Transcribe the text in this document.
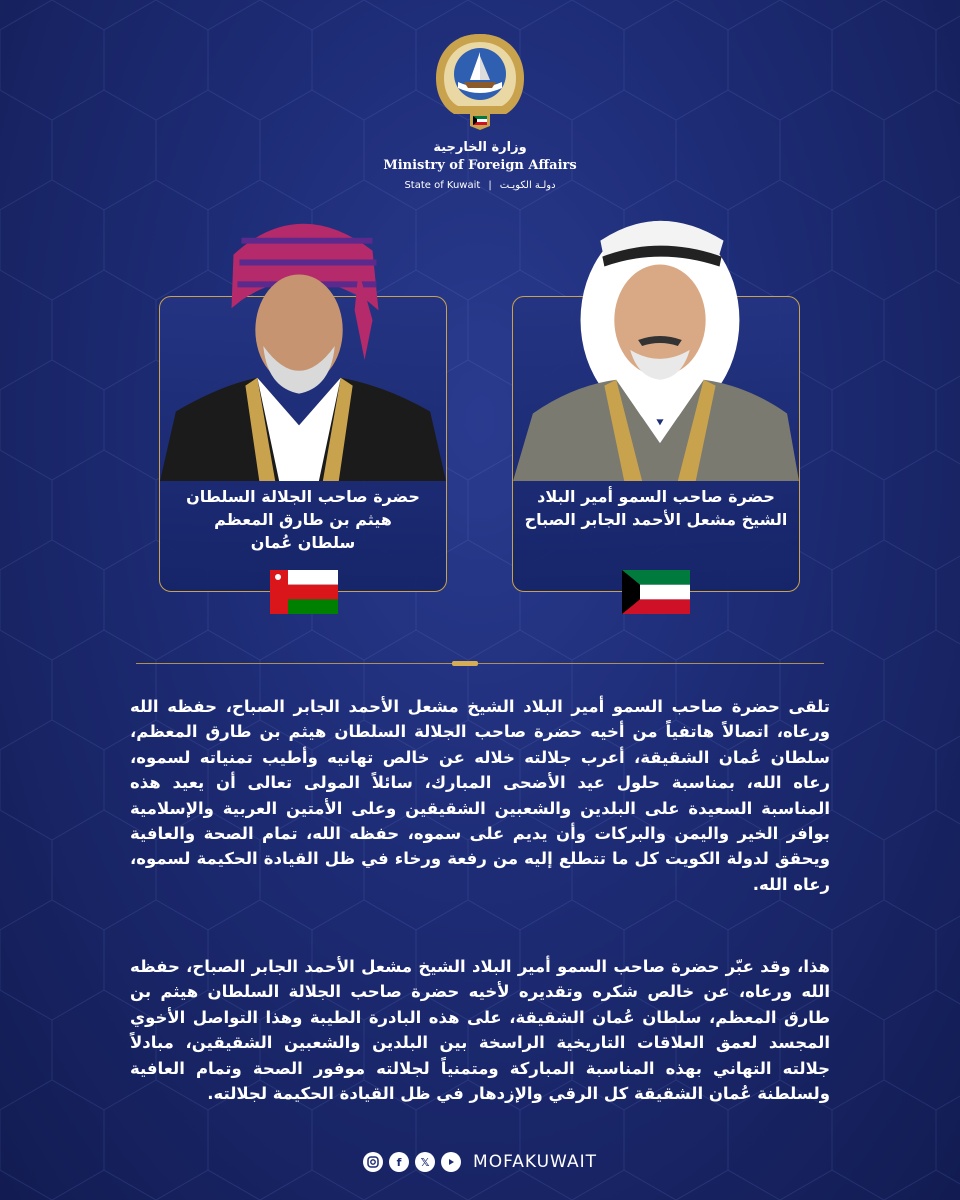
وزارة الخارجية
Ministry of Foreign Affairs
State of Kuwait | دولـة الكويـت
حضرة صاحب السمو أمير البلاد
الشيخ مشعل الأحمد الجابر الصباح
حضرة صاحب الجلالة السلطان
هيثم بن طارق المعظم
سلطان عُمان
تلقى حضرة صاحب السمو أمير البلاد الشيخ مشعل الأحمد الجابر الصباح، حفظه الله ورعاه، اتصالاً هاتفياً من أخيه حضرة صاحب الجلالة السلطان هيثم بن طارق المعظم، سلطان عُمان الشقيقة، أعرب جلالته خلاله عن خالص تهانيه وأطيب تمنياته لسموه، رعاه الله، بمناسبة حلول عيد الأضحى المبارك، سائلاً المولى تعالى أن يعيد هذه المناسبة السعيدة على البلدين والشعبين الشقيقين وعلى الأمتين العربية والإسلامية بوافر الخير واليمن والبركات وأن يديم على سموه، حفظه الله، تمام الصحة والعافية ويحقق لدولة الكويت كل ما تتطلع إليه من رفعة ورخاء في ظل القيادة الحكيمة لسموه، رعاه الله.
هذا، وقد عبّر حضرة صاحب السمو أمير البلاد الشيخ مشعل الأحمد الجابر الصباح، حفظه الله ورعاه، عن خالص شكره وتقديره لأخيه حضرة صاحب الجلالة السلطان هيثم بن طارق المعظم، سلطان عُمان الشقيقة، على هذه البادرة الطيبة وهذا التواصل الأخوي المجسد لعمق العلاقات التاريخية الراسخة بين البلدين والشعبين الشقيقين، مبادلاً جلالته التهاني بهذه المناسبة المباركة ومتمنياً لجلالته موفور الصحة وتمام العافية ولسلطنة عُمان الشقيقة كل الرقي والإزدهار في ظل القيادة الحكيمة لجلالته.
f	𝕏	MOFAKUWAIT
